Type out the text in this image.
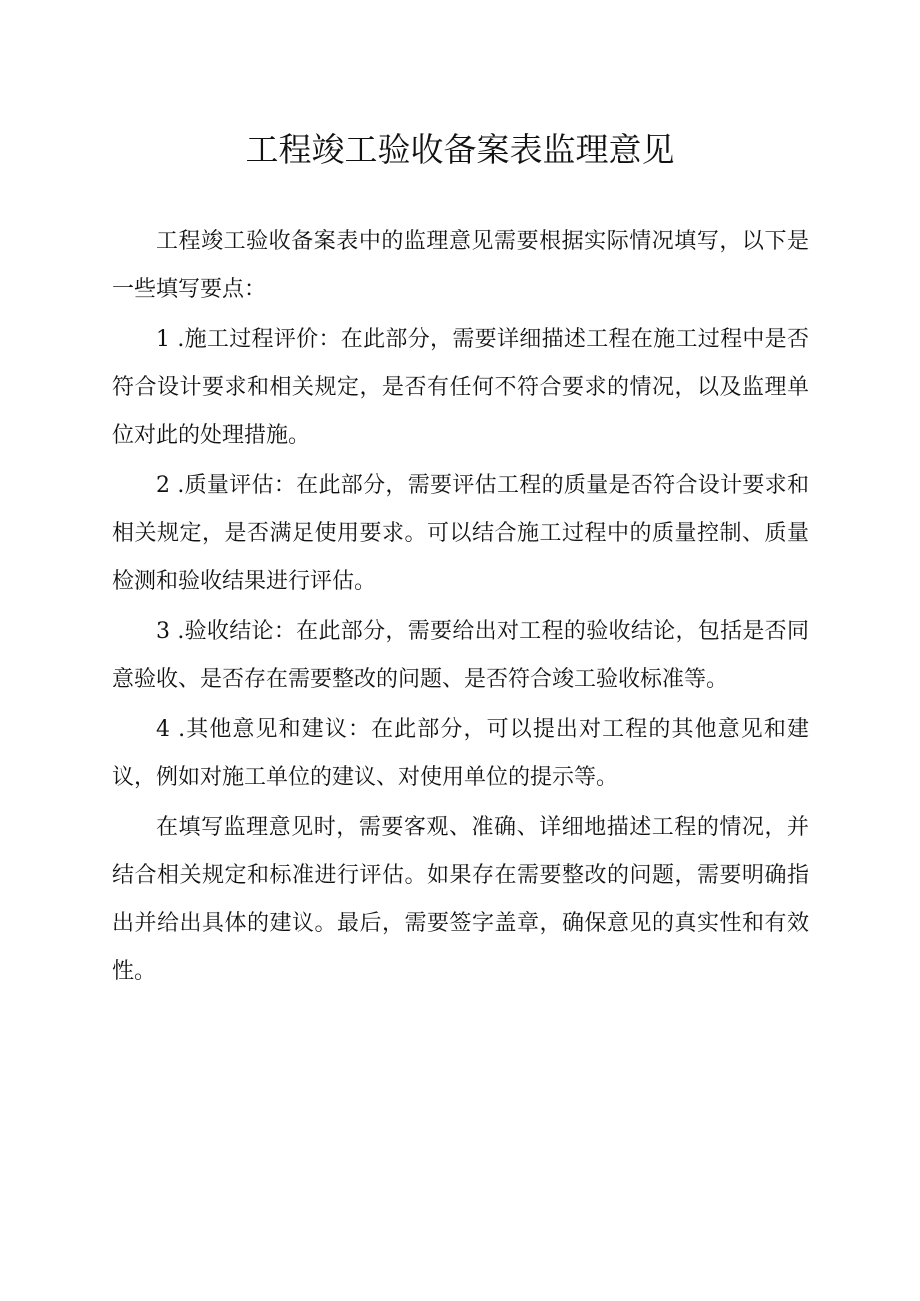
工程竣工验收备案表监理意见

工程竣工验收备案表中的监理意见需要根据实际情况填写，以下是一些填写要点：

1 .施工过程评价：在此部分，需要详细描述工程在施工过程中是否符合设计要求和相关规定，是否有任何不符合要求的情况，以及监理单位对此的处理措施。

2 .质量评估：在此部分，需要评估工程的质量是否符合设计要求和相关规定，是否满足使用要求。可以结合施工过程中的质量控制、质量检测和验收结果进行评估。

3 .验收结论：在此部分，需要给出对工程的验收结论，包括是否同意验收、是否存在需要整改的问题、是否符合竣工验收标准等。

4 .其他意见和建议：在此部分，可以提出对工程的其他意见和建议，例如对施工单位的建议、对使用单位的提示等。

在填写监理意见时，需要客观、准确、详细地描述工程的情况，并结合相关规定和标准进行评估。如果存在需要整改的问题，需要明确指出并给出具体的建议。最后，需要签字盖章，确保意见的真实性和有效性。
